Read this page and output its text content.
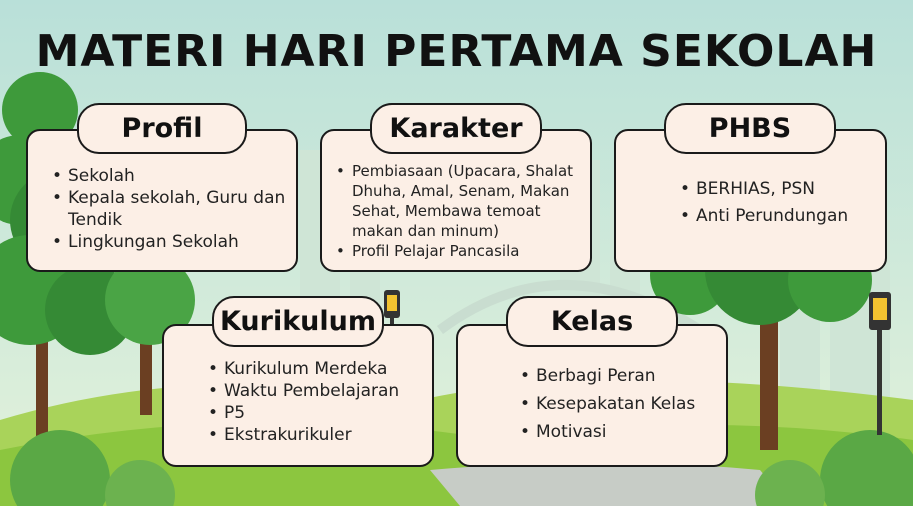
MATERI HARI PERTAMA SEKOLAH
• Sekolah
• Kepala sekolah, Guru dan Tendik
• Lingkungan Sekolah
Profil
• Pembiasaan (Upacara, Shalat Dhuha, Amal, Senam, Makan Sehat, Membawa temoat makan dan minum)
• Profil Pelajar Pancasila
Karakter
• BERHIAS, PSN
• Anti Perundungan
PHBS
• Kurikulum Merdeka
• Waktu Pembelajaran
• P5
• Ekstrakurikuler
Kurikulum
• Berbagi Peran
• Kesepakatan Kelas
• Motivasi
Kelas
